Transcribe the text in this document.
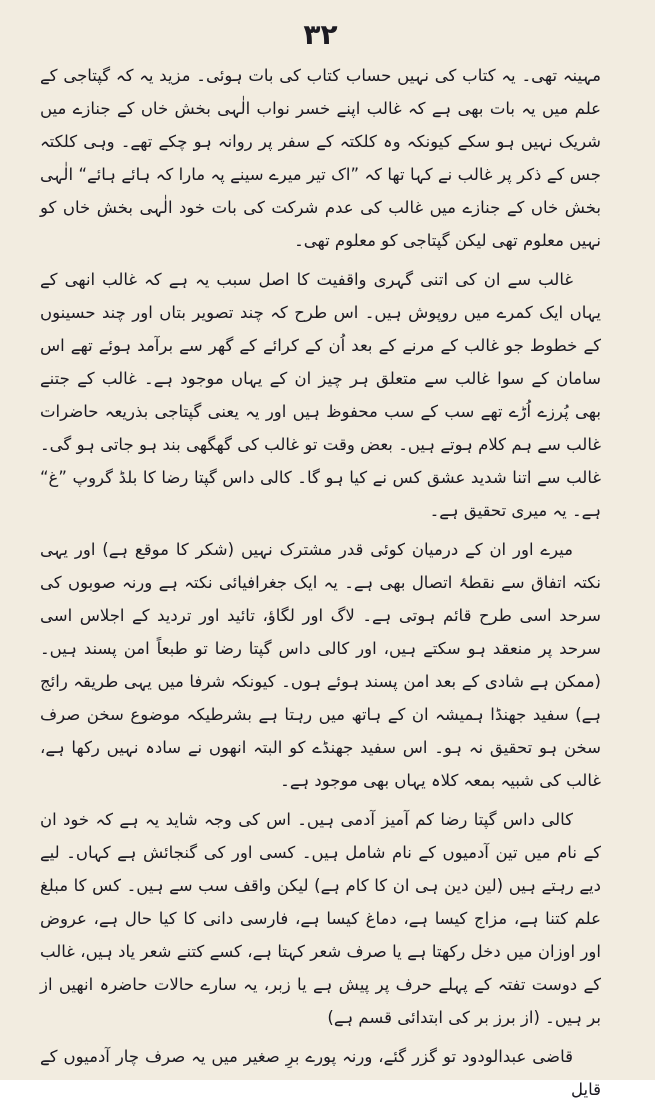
۳۲

مہینہ تھی۔ یہ کتاب کی نہیں حساب کتاب کی بات ہوئی۔ مزید یہ کہ گپتاجی کے علم میں یہ بات بھی ہے کہ غالب اپنے خسر نواب الٰہی بخش خاں کے جنازے میں شریک نہیں ہو سکے کیونکہ وہ کلکتہ کے سفر پر روانہ ہو چکے تھے۔ وہی کلکتہ جس کے ذکر پر غالب نے کہا تھا کہ ”اک تیر میرے سینے پہ مارا کہ ہائے ہائے“ الٰہی بخش خاں کے جنازے میں غالب کی عدم شرکت کی بات خود الٰہی بخش خاں کو نہیں معلوم تھی لیکن گپتاجی کو معلوم تھی۔

غالب سے ان کی اتنی گہری واقفیت کا اصل سبب یہ ہے کہ غالب انھی کے یہاں ایک کمرے میں روپوش ہیں۔ اس طرح کہ چند تصویر بتاں اور چند حسینوں کے خطوط جو غالب کے مرنے کے بعد اُن کے کرائے کے گھر سے برآمد ہوئے تھے اس سامان کے سوا غالب سے متعلق ہر چیز ان کے یہاں موجود ہے۔ غالب کے جتنے بھی پُرزے اُڑے تھے سب کے سب محفوظ ہیں اور یہ یعنی گپتاجی بذریعہ حاضرات غالب سے ہم کلام ہوتے ہیں۔ بعض وقت تو غالب کی گھگھی بند ہو جاتی ہو گی۔ غالب سے اتنا شدید عشق کس نے کیا ہو گا۔ کالی داس گپتا رضا کا بلڈ گروپ ”غ“ ہے۔ یہ میری تحقیق ہے۔

میرے اور ان کے درمیان کوئی قدر مشترک نہیں (شکر کا موقع ہے) اور یہی نکتہ اتفاق سے نقطۂ اتصال بھی ہے۔ یہ ایک جغرافیائی نکتہ ہے ورنہ صوبوں کی سرحد اسی طرح قائم ہوتی ہے۔ لاگ اور لگاؤ، تائید اور تردید کے اجلاس اسی سرحد پر منعقد ہو سکتے ہیں، اور کالی داس گپتا رضا تو طبعاً امن پسند ہیں۔ (ممکن ہے شادی کے بعد امن پسند ہوئے ہوں۔ کیونکہ شرفا میں یہی طریقہ رائج ہے) سفید جھنڈا ہمیشہ ان کے ہاتھ میں رہتا ہے بشرطیکہ موضوع سخن صرف سخن ہو تحقیق نہ ہو۔ اس سفید جھنڈے کو البتہ انھوں نے سادہ نہیں رکھا ہے، غالب کی شبیہ بمعہ کلاہ یہاں بھی موجود ہے۔

کالی داس گپتا رضا کم آمیز آدمی ہیں۔ اس کی وجہ شاید یہ ہے کہ خود ان کے نام میں تین آدمیوں کے نام شامل ہیں۔ کسی اور کی گنجائش ہے کہاں۔ لیے دیے رہتے ہیں (لین دین ہی ان کا کام ہے) لیکن واقف سب سے ہیں۔ کس کا مبلغ علم کتنا ہے، مزاج کیسا ہے، دماغ کیسا ہے، فارسی دانی کا کیا حال ہے، عروض اور اوزان میں دخل رکھتا ہے یا صرف شعر کہتا ہے، کسے کتنے شعر یاد ہیں، غالب کے دوست تفتہ کے پہلے حرف پر پیش ہے یا زبر، یہ سارے حالات حاضرہ انھیں از بر ہیں۔ (از برز بر کی ابتدائی قسم ہے)

قاضی عبدالودود تو گزر گئے، ورنہ پورے برِ صغیر میں یہ صرف چار آدمیوں کے قایل
